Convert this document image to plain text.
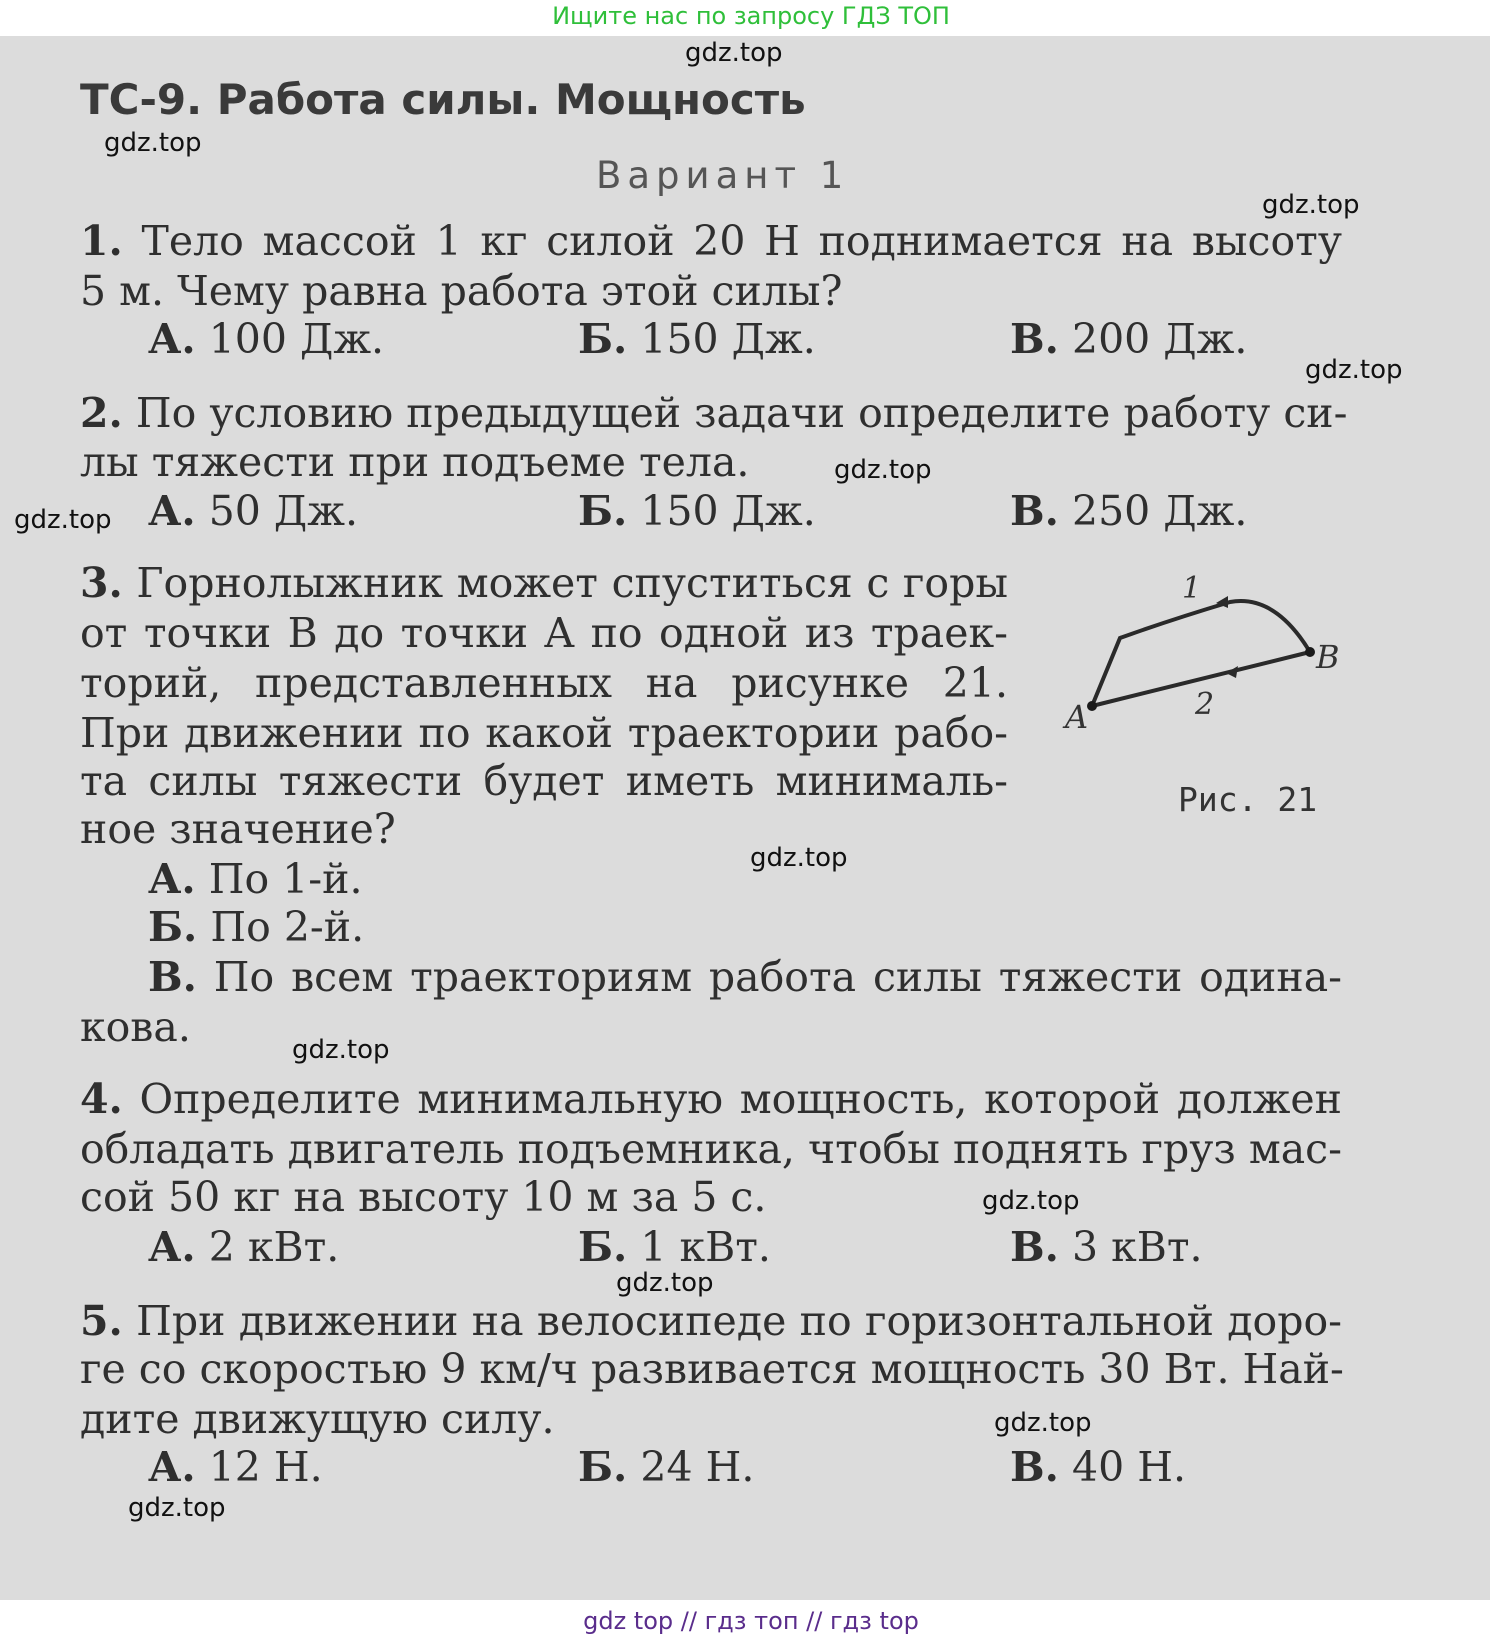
Ищите нас по запросу ГДЗ ТОП
ТС-9. Работа силы. Мощность
Вариант 1
1. Тело массой 1 кг силой 20 Н поднимается на высоту
5 м. Чему равна работа этой силы?
А. 100 Дж.	Б. 150 Дж.	В. 200 Дж.
2. По условию предыдущей задачи определите работу си-
лы тяжести при подъеме тела.
А. 50 Дж.	Б. 150 Дж.	В. 250 Дж.
3. Горнолыжник может спуститься с горы
от точки B до точки A по одной из траек-
торий, представленных на рисунке 21.
При движении по какой траектории рабо-
та силы тяжести будет иметь минималь-
ное значение?
А. По 1-й.
Б. По 2-й.
В. По всем траекториям работа силы тяжести одина-
кова.
1
2
A
B
Рис. 21
4. Определите минимальную мощность, которой должен
обладать двигатель подъемника, чтобы поднять груз мас-
сой 50 кг на высоту 10 м за 5 с.
А. 2 кВт.	Б. 1 кВт.	В. 3 кВт.
5. При движении на велосипеде по горизонтальной доро-
ге со скоростью 9 км/ч развивается мощность 30 Вт. Най-
дите движущую силу.
А. 12 Н.	Б. 24 Н.	В. 40 Н.
gdz.top
gdz.top
gdz.top
gdz.top
gdz.top
gdz.top
gdz.top
gdz.top
gdz.top
gdz.top
gdz.top
gdz.top
gdz top // гдз топ // гдз top
